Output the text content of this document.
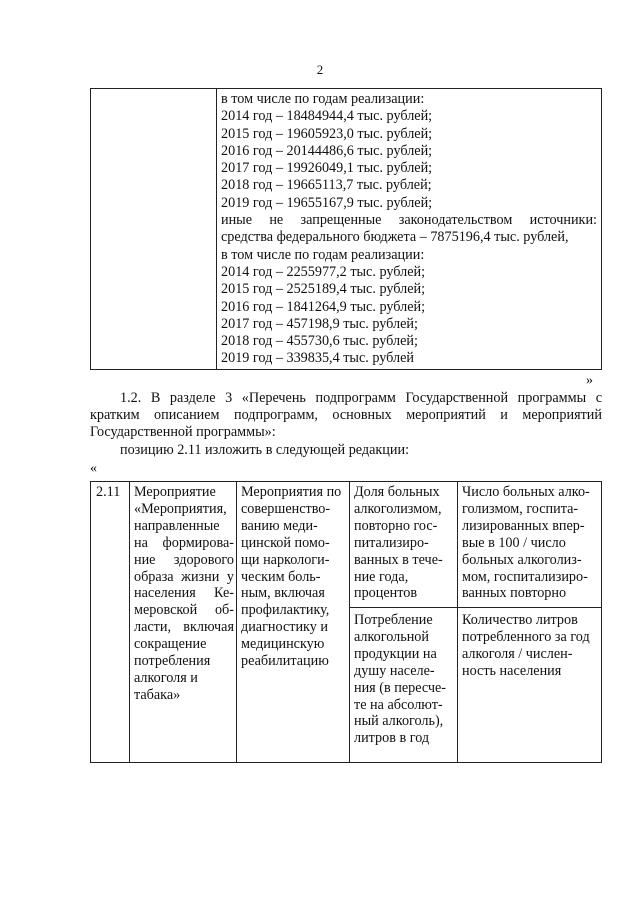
2
в том числе по годам реализации:
2014 год – 18484944,4 тыс. рублей;
2015 год – 19605923,0 тыс. рублей;
2016 год – 20144486,6 тыс. рублей;
2017 год – 19926049,1 тыс. рублей;
2018 год – 19665113,7 тыс. рублей;
2019 год – 19655167,9 тыс. рублей;
иные не запрещенные законодательством источники:
средства федерального бюджета – 7875196,4 тыс. рублей,
в том числе по годам реализации:
2014 год – 2255977,2 тыс. рублей;
2015 год – 2525189,4 тыс. рублей;
2016 год – 1841264,9 тыс. рублей;
2017 год – 457198,9 тыс. рублей;
2018 год – 455730,6 тыс. рублей;
2019 год – 339835,4 тыс. рублей
»
1.2. В разделе 3 «Перечень подпрограмм Государственной программы с кратким описанием подпрограмм, основных мероприятий и мероприятий Государственной программы»:
позицию 2.11 изложить в следующей редакции:
«
2.11 Мероприятие
«Мероприятия,
направленные
на формирова-
ние здорового
образа жизни у
населения Ке-
меровской об-
ласти, включая
сокращение
потребления
алкоголя и
табака»
Мероприятия по
совершенство-
ванию меди-
цинской помо-
щи наркологи-
ческим боль-
ным, включая
профилактику,
диагностику и
медицинскую
реабилитацию
Доля больных
алкоголизмом,
повторно гос-
питализиро-
ванных в тече-
ние года,
процентов
Потребление
алкогольной
продукции на
душу населе-
ния (в пересче-
те на абсолют-
ный алкоголь),
литров в год
Число больных алко-
голизмом, госпита-
лизированных впер-
вые в 100 / число
больных алкоголиз-
мом, госпитализиро-
ванных повторно
Количество литров
потребленного за год
алкоголя / числен-
ность населения
